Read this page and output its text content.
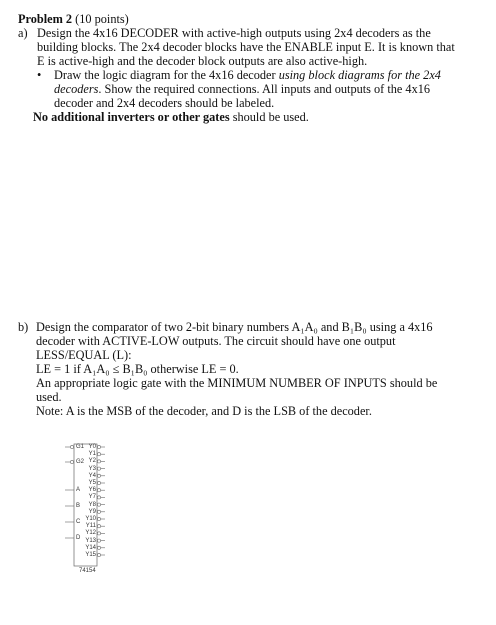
Problem 2 (10 points)
a) Design the 4x16 DECODER with active-high outputs using 2x4 decoders as the
building blocks. The 2x4 decoder blocks have the ENABLE input E. It is known that
E is active-high and the decoder block outputs are also active-high.
• Draw the logic diagram for the 4x16 decoder using block diagrams for the 2x4
decoders. Show the required connections. All inputs and outputs of the 4x16
decoder and 2x4 decoders should be labeled.
No additional inverters or other gates should be used.
b) Design the comparator of two 2-bit binary numbers A₁A₀ and B₁B₀ using a 4x16
decoder with ACTIVE-LOW outputs. The circuit should have one output
LESS/EQUAL (L):
LE = 1 if A₁A₀ ≤ B₁B₀ otherwise LE = 0.
An appropriate logic gate with the MINIMUM NUMBER OF INPUTS should be
used.
Note: A is the MSB of the decoder, and D is the LSB of the decoder.
G1
G2
A
B
C
D
Y0
Y1
Y2
Y3
Y4
Y5
Y6
Y7
Y8
Y9
Y10
Y11
Y12
Y13
Y14
Y15
74154
